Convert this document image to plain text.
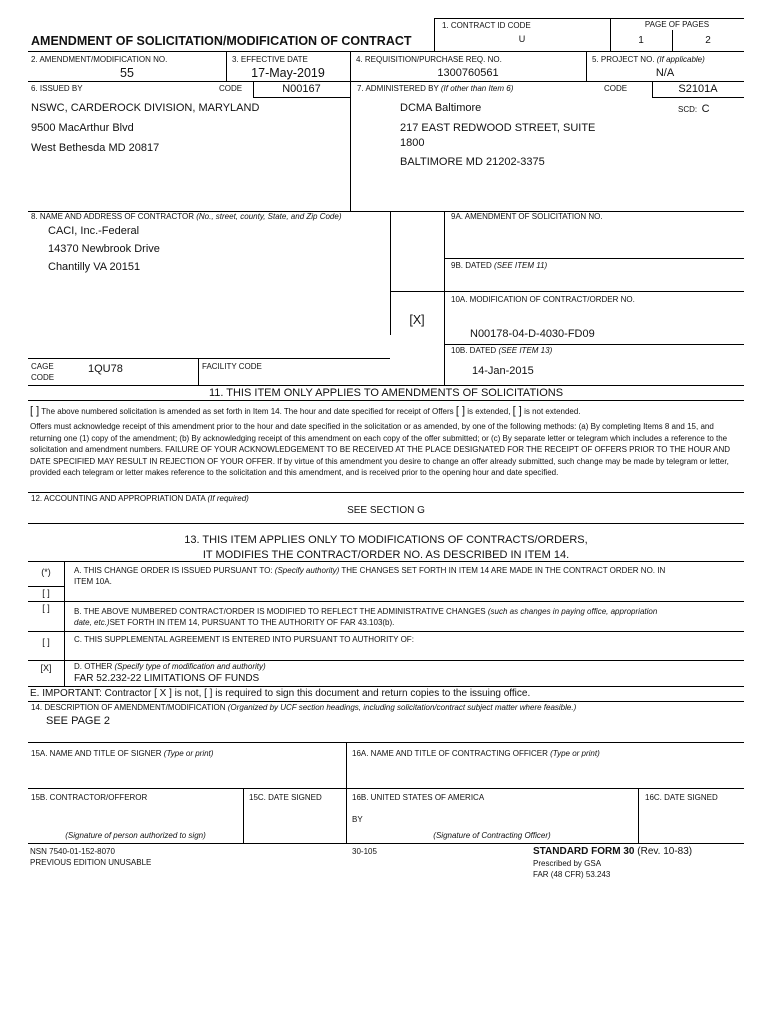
AMENDMENT OF SOLICITATION/MODIFICATION OF CONTRACT
1. CONTRACT ID CODE
U
PAGE OF PAGES
1	2
2. AMENDMENT/MODIFICATION NO.
55
3. EFFECTIVE DATE
17-May-2019
4. REQUISITION/PURCHASE REQ. NO.
1300760561
5. PROJECT NO. (If applicable)
N/A
6. ISSUED BY	CODE	N00167
NSWC, CARDEROCK DIVISION, MARYLAND
9500 MacArthur Blvd
West Bethesda MD 20817
7. ADMINISTERED BY (If other than Item 6)	CODE	S2101A
SCD: C
DCMA Baltimore
217 EAST REDWOOD STREET, SUITE
1800
BALTIMORE MD 21202-3375
8. NAME AND ADDRESS OF CONTRACTOR (No., street, county, State, and Zip Code)
CACI, Inc.-Federal
14370 Newbrook Drive
Chantilly VA 20151
CAGE
CODE
1QU78	FACILITY CODE
9A. AMENDMENT OF SOLICITATION NO.
9B. DATED (SEE ITEM 11)
10A. MODIFICATION OF CONTRACT/ORDER NO.
[X]
N00178-04-D-4030-FD09
10B. DATED (SEE ITEM 13)
14-Jan-2015
11. THIS ITEM ONLY APPLIES TO AMENDMENTS OF SOLICITATIONS
[ ] The above numbered solicitation is amended as set forth in Item 14. The hour and date specified for receipt of Offers [ ] is extended, [ ] is not extended.
Offers must acknowledge receipt of this amendment prior to the hour and date specified in the solicitation or as amended, by one of the following methods: (a) By completing Items 8 and 15, and returning one (1) copy of the amendment; (b) By acknowledging receipt of this amendment on each copy of the offer submitted; or (c) By separate letter or telegram which includes a reference to the solicitation and amendment numbers. FAILURE OF YOUR ACKNOWLEDGEMENT TO BE RECEIVED AT THE PLACE DESIGNATED FOR THE RECEIPT OF OFFERS PRIOR TO THE HOUR AND DATE SPECIFIED MAY RESULT IN REJECTION OF YOUR OFFER. If by virtue of this amendment you desire to change an offer already submitted, such change may be made by telegram or letter, provided each telegram or letter makes reference to the solicitation and this amendment, and is received prior to the opening hour and date specified.
12. ACCOUNTING AND APPROPRIATION DATA (If required)
SEE SECTION G
13. THIS ITEM APPLIES ONLY TO MODIFICATIONS OF CONTRACTS/ORDERS,
IT MODIFIES THE CONTRACT/ORDER NO. AS DESCRIBED IN ITEM 14.
(*)
[ ]
A. THIS CHANGE ORDER IS ISSUED PURSUANT TO: (Specify authority) THE CHANGES SET FORTH IN ITEM 14 ARE MADE IN THE CONTRACT ORDER NO. IN
ITEM 10A.
[ ]	B. THE ABOVE NUMBERED CONTRACT/ORDER IS MODIFIED TO REFLECT THE ADMINISTRATIVE CHANGES (such as changes in paying office, appropriation
date, etc.)SET FORTH IN ITEM 14, PURSUANT TO THE AUTHORITY OF FAR 43.103(b).
[ ]	C. THIS SUPPLEMENTAL AGREEMENT IS ENTERED INTO PURSUANT TO AUTHORITY OF:
[X]	D. OTHER (Specify type of modification and authority)
FAR 52.232-22 LIMITATIONS OF FUNDS
E. IMPORTANT: Contractor [ X ] is not, [ ] is required to sign this document and return copies to the issuing office.
14. DESCRIPTION OF AMENDMENT/MODIFICATION (Organized by UCF section headings, including solicitation/contract subject matter where feasible.)
SEE PAGE 2
15A. NAME AND TITLE OF SIGNER (Type or print)	16A. NAME AND TITLE OF CONTRACTING OFFICER (Type or print)
15B. CONTRACTOR/OFFEROR	15C. DATE SIGNED	16B. UNITED STATES OF AMERICA	16C. DATE SIGNED
BY
(Signature of person authorized to sign)	(Signature of Contracting Officer)
NSN 7540-01-152-8070
PREVIOUS EDITION UNUSABLE
30-105	STANDARD FORM 30 (Rev. 10-83)
Prescribed by GSA
FAR (48 CFR) 53.243
